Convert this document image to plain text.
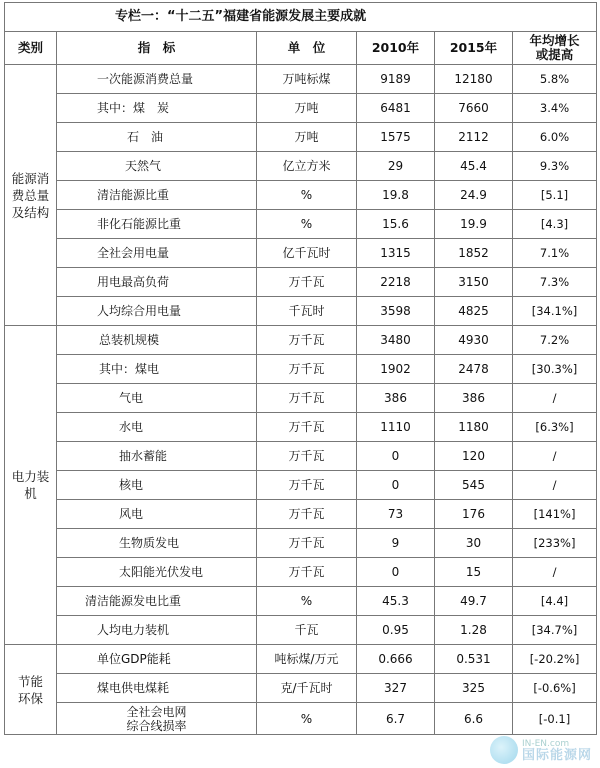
专栏一：“十二五”福建省能源发展主要成就					
类别	指　标	单　位	2010年	2015年	年均增长
或提高

能源消
费总量
及结构	一次能源消费总量	万吨标煤	9189	12180	5.8%
	其中：煤　炭	万吨	6481	7660	3.4%
	石　油	万吨	1575	2112	6.0%
	天然气	亿立方米	29	45.4	9.3%
	清洁能源比重	%	19.8	24.9	[5.1]
	非化石能源比重	%	15.6	19.9	[4.3]
	全社会用电量	亿千瓦时	1315	1852	7.1%
	用电最高负荷	万千瓦	2218	3150	7.3%
	人均综合用电量	千瓦时	3598	4825	[34.1%]

电力装
机	总装机规模	万千瓦	3480	4930	7.2%
	其中：煤电	万千瓦	1902	2478	[30.3%]
	气电	万千瓦	386	386	/
	水电	万千瓦	1110	1180	[6.3%]
	抽水蓄能	万千瓦	0	120	/
	核电	万千瓦	0	545	/
	风电	万千瓦	73	176	[141%]
	生物质发电	万千瓦	9	30	[233%]
	太阳能光伏发电	万千瓦	0	15	/
	清洁能源发电比重	%	45.3	49.7	[4.4]
	人均电力装机	千瓦	0.95	1.28	[34.7%]

节能
环保	单位GDP能耗	吨标煤/万元	0.666	0.531	[-20.2%]
	煤电供电煤耗	克/千瓦时	327	325	[-0.6%]

	全社会电网
综合线损率	%	6.7	6.6	[-0.1]
IN-EN.com
国际能源网
